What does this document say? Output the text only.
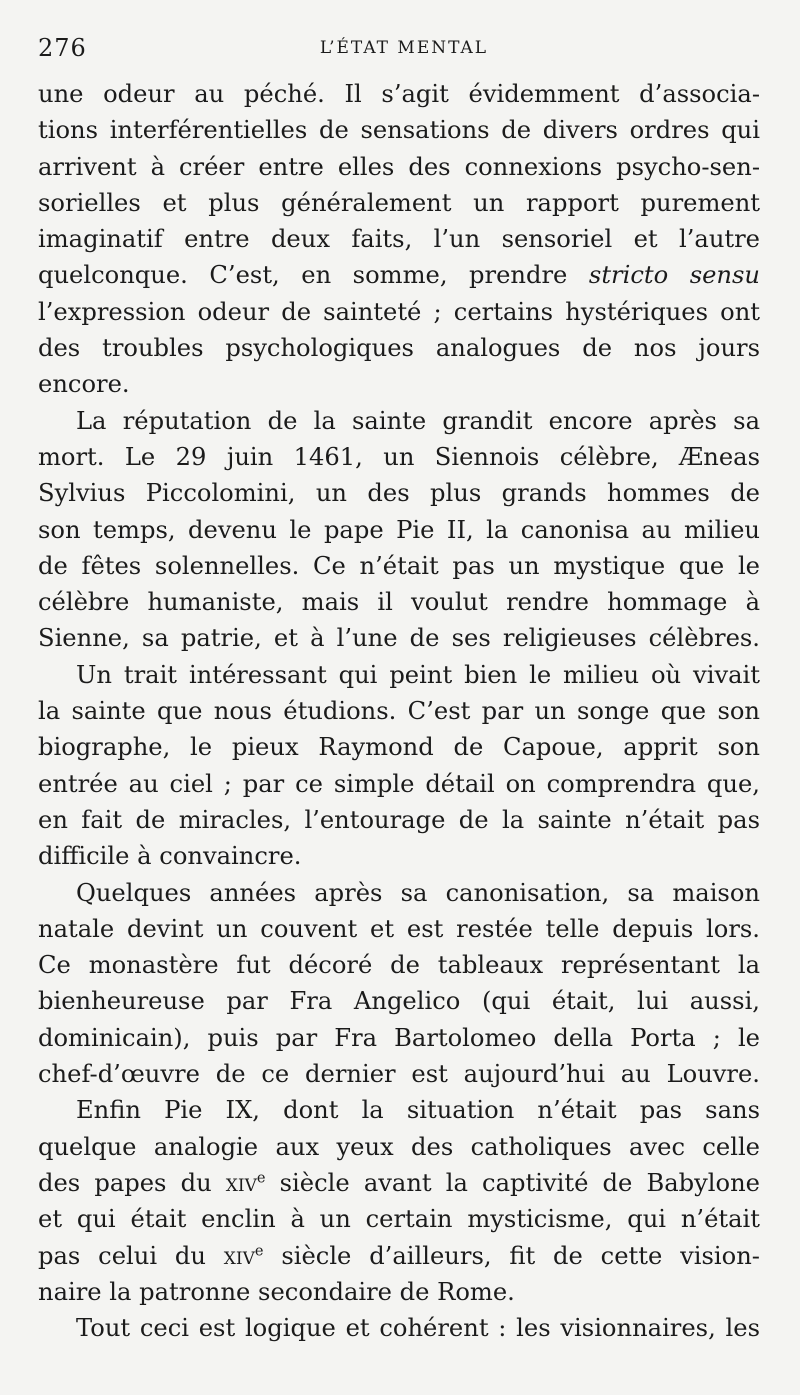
276	L’ÉTAT MENTAL
une odeur au péché. Il s’agit évidemment d’associa-
tions interférentielles de sensations de divers ordres qui
arrivent à créer entre elles des connexions psycho-sen-
sorielles et plus généralement un rapport purement
imaginatif entre deux faits, l’un sensoriel et l’autre
quelconque. C’est, en somme, prendre stricto sensu
l’expression odeur de sainteté ; certains hystériques ont
des troubles psychologiques analogues de nos jours
encore.
La réputation de la sainte grandit encore après sa
mort. Le 29 juin 1461, un Siennois célèbre, Æneas
Sylvius Piccolomini, un des plus grands hommes de
son temps, devenu le pape Pie II, la canonisa au milieu
de fêtes solennelles. Ce n’était pas un mystique que le
célèbre humaniste, mais il voulut rendre hommage à
Sienne, sa patrie, et à l’une de ses religieuses célèbres.
Un trait intéressant qui peint bien le milieu où vivait
la sainte que nous étudions. C’est par un songe que son
biographe, le pieux Raymond de Capoue, apprit son
entrée au ciel ; par ce simple détail on comprendra que,
en fait de miracles, l’entourage de la sainte n’était pas
difficile à convaincre.
Quelques années après sa canonisation, sa maison
natale devint un couvent et est restée telle depuis lors.
Ce monastère fut décoré de tableaux représentant la
bienheureuse par Fra Angelico (qui était, lui aussi,
dominicain), puis par Fra Bartolomeo della Porta ; le
chef-d’œuvre de ce dernier est aujourd’hui au Louvre.
Enfin Pie IX, dont la situation n’était pas sans
quelque analogie aux yeux des catholiques avec celle
des papes du xiv$^e$ siècle avant la captivité de Babylone
et qui était enclin à un certain mysticisme, qui n’était
pas celui du xiv$^e$ siècle d’ailleurs, fit de cette vision-
naire la patronne secondaire de Rome.
Tout ceci est logique et cohérent : les visionnaires, les
